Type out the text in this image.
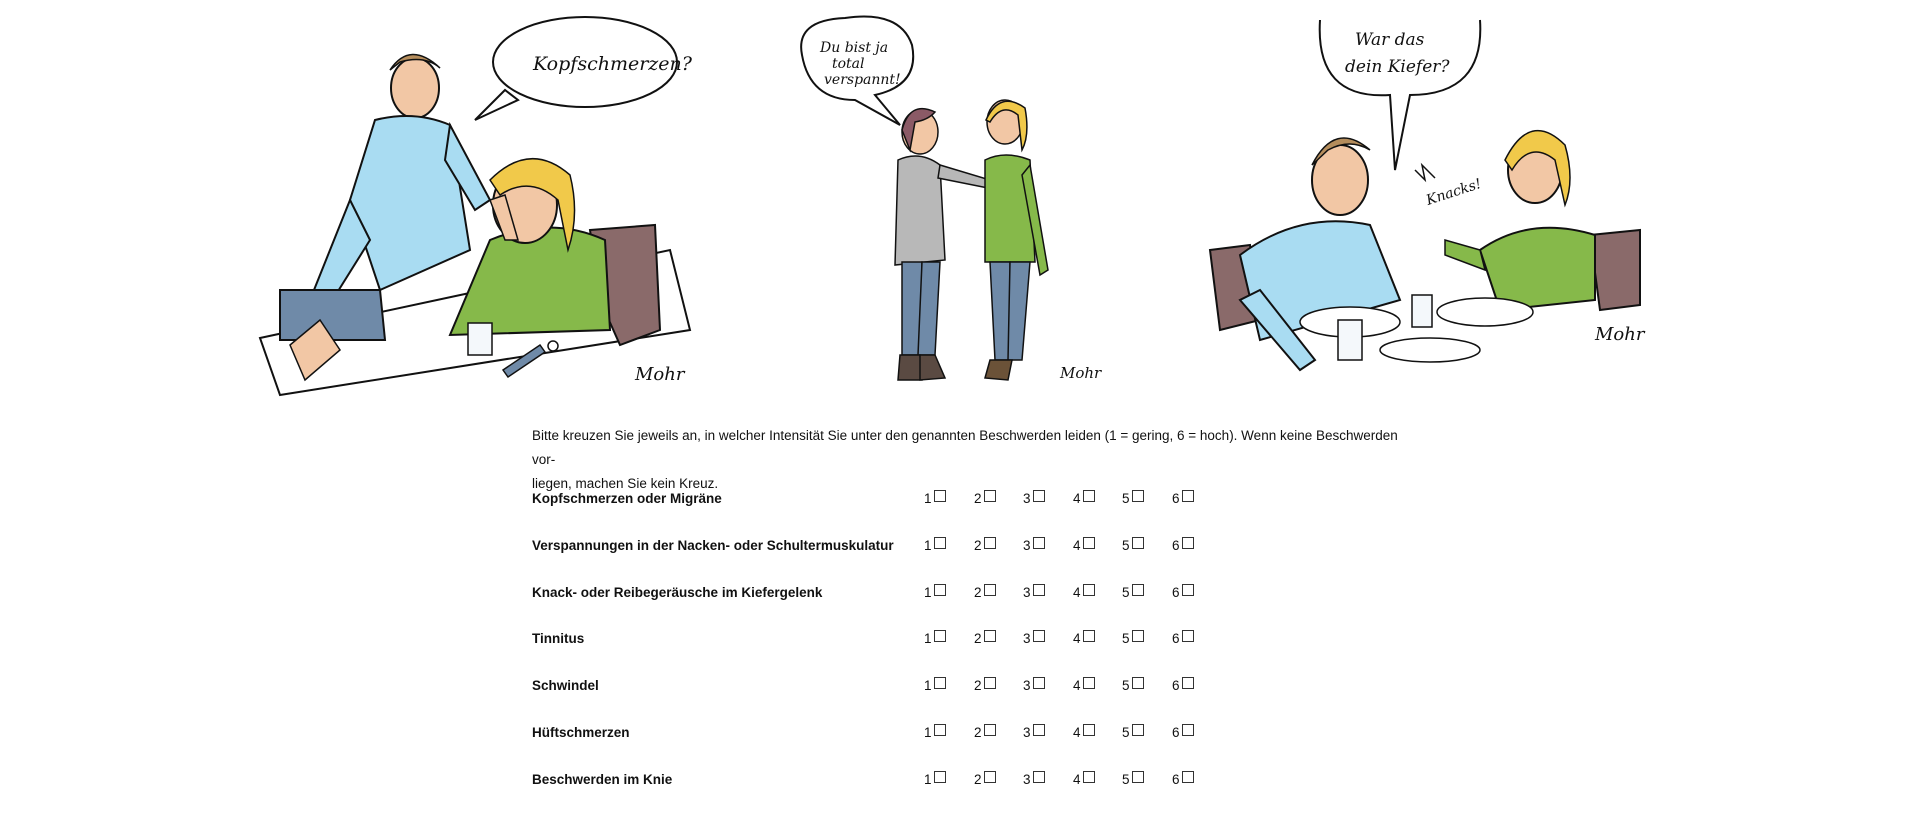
Kopfschmerzen?
Mohr
Du bist ja
total
verspannt!
Mohr
War das
dein Kiefer?
Knacks!
Mohr

Bitte kreuzen Sie jeweils an, in welcher Intensität Sie unter den genannten Beschwerden leiden (1 = gering, 6 = hoch). Wenn keine Beschwerden vor-
liegen, machen Sie kein Kreuz.

Kopfschmerzen oder Migräne	1	2	3	4	5	6
Verspannungen in der Nacken- oder Schultermuskulatur 1	2	3	4	5	6
Knack- oder Reibegeräusche im Kiefergelenk	1	2	3	4	5	6
Tinnitus	1	2	3	4	5	6
Schwindel	1	2	3	4	5	6
Hüftschmerzen	1	2	3	4	5	6
Beschwerden im Knie	1	2	3	4	5	6
